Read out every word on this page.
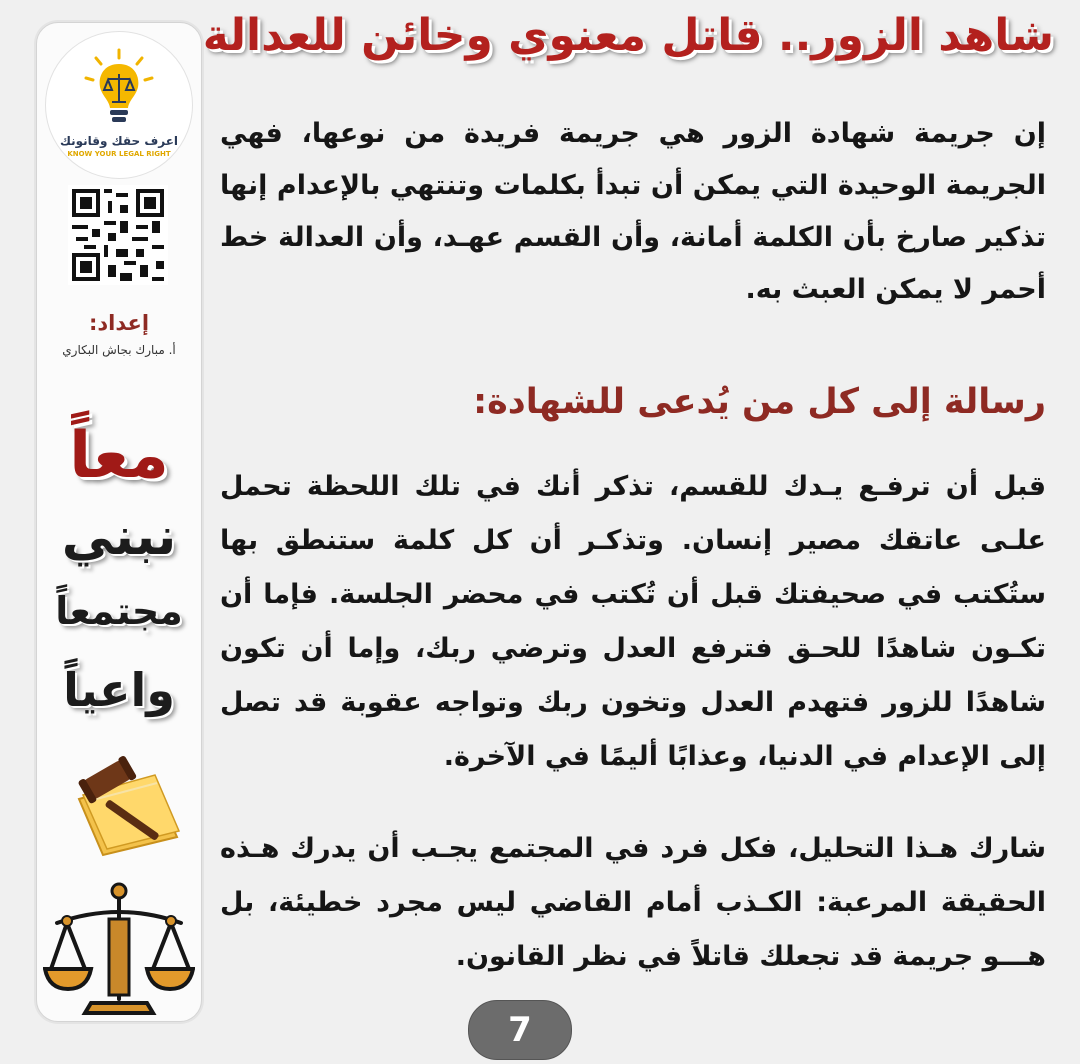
اعرف حقك وقانونك
KNOW YOUR LEGAL RIGHT
إعداد:
أ. مبارك بجاش البكاري
معاً
نبني
مجتمعاً
واعياً
شاهد الزور.. قاتل معنوي وخائن للعدالة
إن جريمة شهادة الزور هي جريمة فريدة من نوعها، فهي الجريمة الوحيدة التي يمكن أن تبدأ بكلمات وتنتهي بالإعدام إنها تذكير صارخ بأن الكلمة أمانة، وأن القسم عهـد، وأن العدالة خط أحمر لا يمكن العبث به.
رسالة إلى كل من يُدعى للشهادة:
قبل أن ترفـع يـدك للقسم، تذكر أنك في تلك اللحظة تحمل علـى عاتقك مصير إنسان. وتذكـر أن كل كلمة ستنطق بها ستُكتب في صحيفتك قبل أن تُكتب في محضر الجلسة. فإما أن تكـون شاهدًا للحـق فترفع العدل وترضي ربك، وإما أن تكون شاهدًا للزور فتهدم العدل وتخون ربك وتواجه عقوبة قد تصل إلى الإعدام في الدنيا، وعذابًا أليمًا في الآخرة.
شارك هـذا التحليل، فكل فرد في المجتمع يجـب أن يدرك هـذه الحقيقة المرعبة: الكـذب أمام القاضي ليس مجرد خطيئة، بل هـــو جريمة قد تجعلك قاتلاً في نظر القانون.
7
